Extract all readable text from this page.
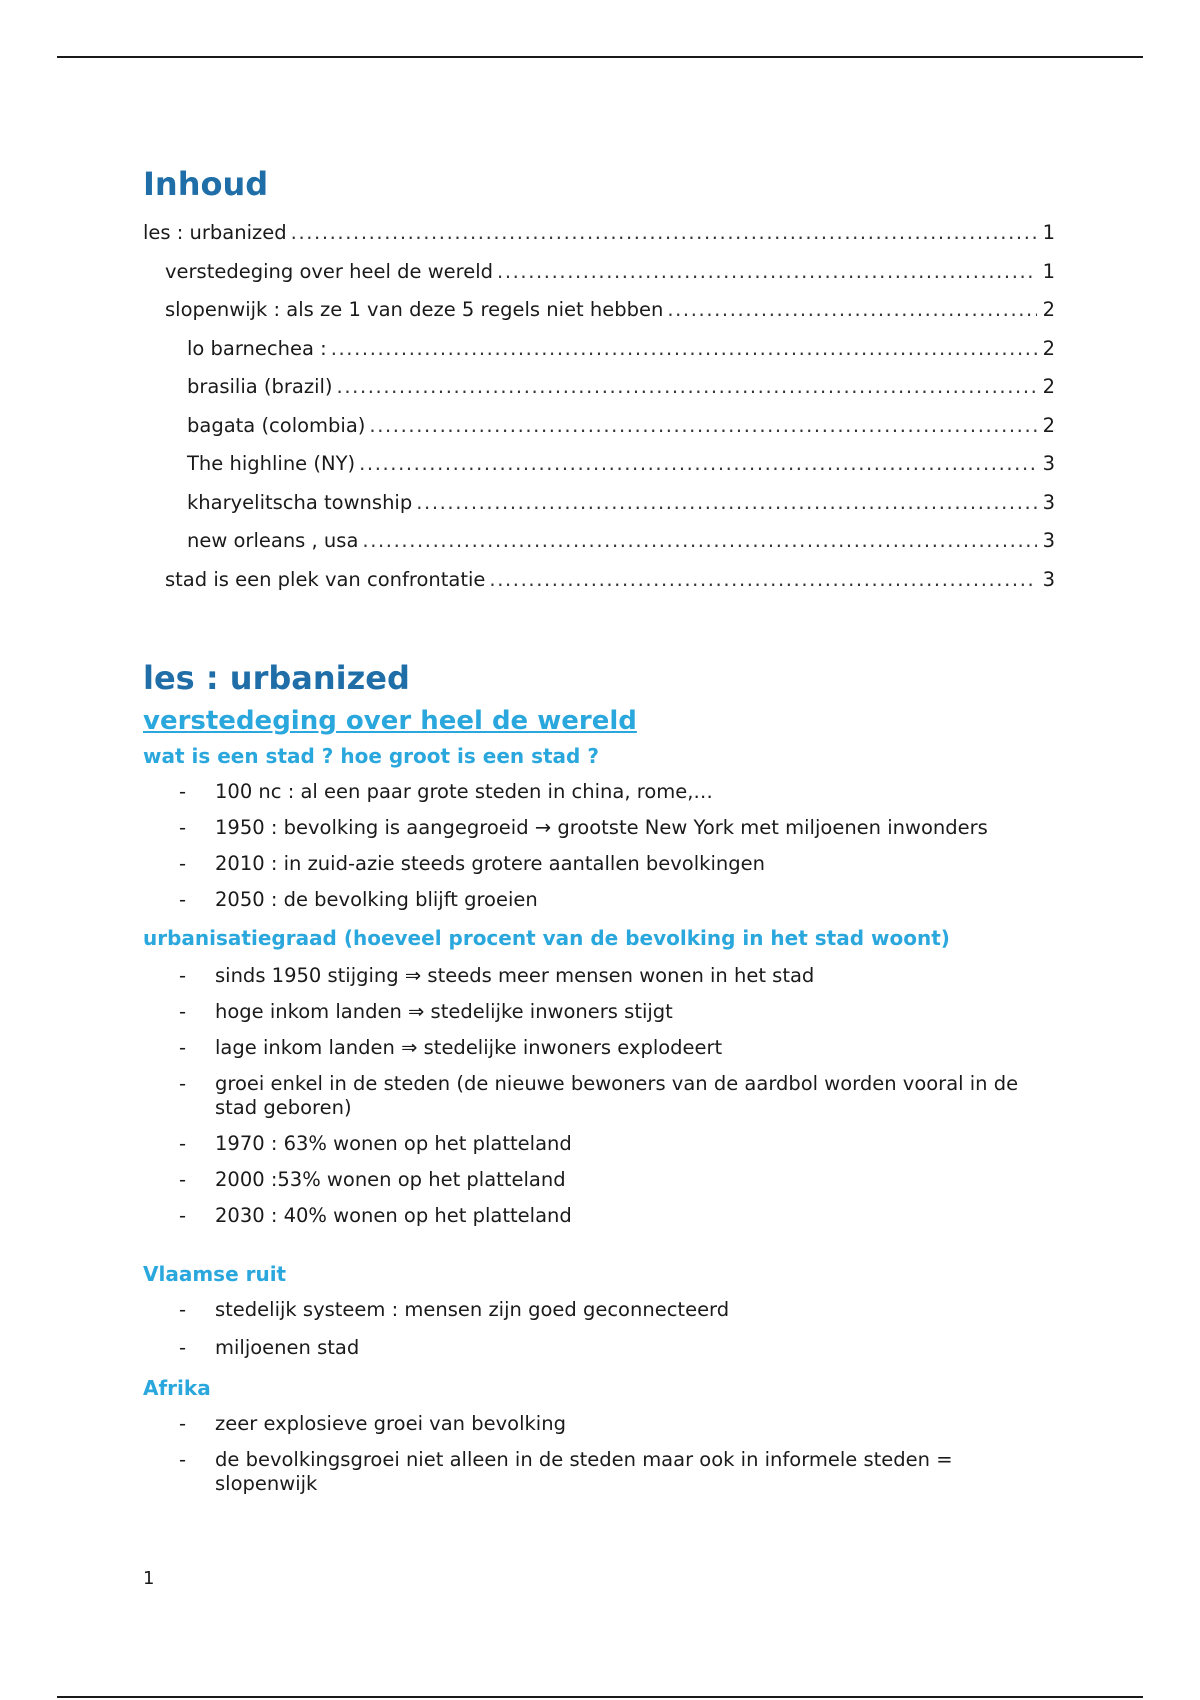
Inhoud
les : urbanized .....	1
verstedeging over heel de wereld .....	1
slopenwijk : als ze 1 van deze 5 regels niet hebben .....	2
lo barnechea : .....	2
brasilia (brazil) .....	2
bagata (colombia) .....	2
The highline (NY) .....	3
kharyelitscha township .....	3
new orleans , usa .....	3
stad is een plek van confrontatie .....	3
les : urbanized
verstedeging over heel de wereld
wat is een stad ? hoe groot is een stad ?
- 100 nc : al een paar grote steden in china, rome,…
- 1950 : bevolking is aangegroeid → grootste New York met miljoenen inwonders
- 2010 : in zuid-azie steeds grotere aantallen bevolkingen
- 2050 : de bevolking blijft groeien
urbanisatiegraad (hoeveel procent van de bevolking in het stad woont)
- sinds 1950 stijging ⇒ steeds meer mensen wonen in het stad
- hoge inkom landen ⇒ stedelijke inwoners stijgt
- lage inkom landen ⇒ stedelijke inwoners explodeert
- groei enkel in de steden (de nieuwe bewoners van de aardbol worden vooral in de stad geboren)
- 1970 : 63% wonen op het platteland
- 2000 :53% wonen op het platteland
- 2030 : 40% wonen op het platteland
Vlaamse ruit
- stedelijk systeem : mensen zijn goed geconnecteerd
- miljoenen stad
Afrika
- zeer explosieve groei van bevolking
- de bevolkingsgroei niet alleen in de steden maar ook in informele steden = slopenwijk
1
